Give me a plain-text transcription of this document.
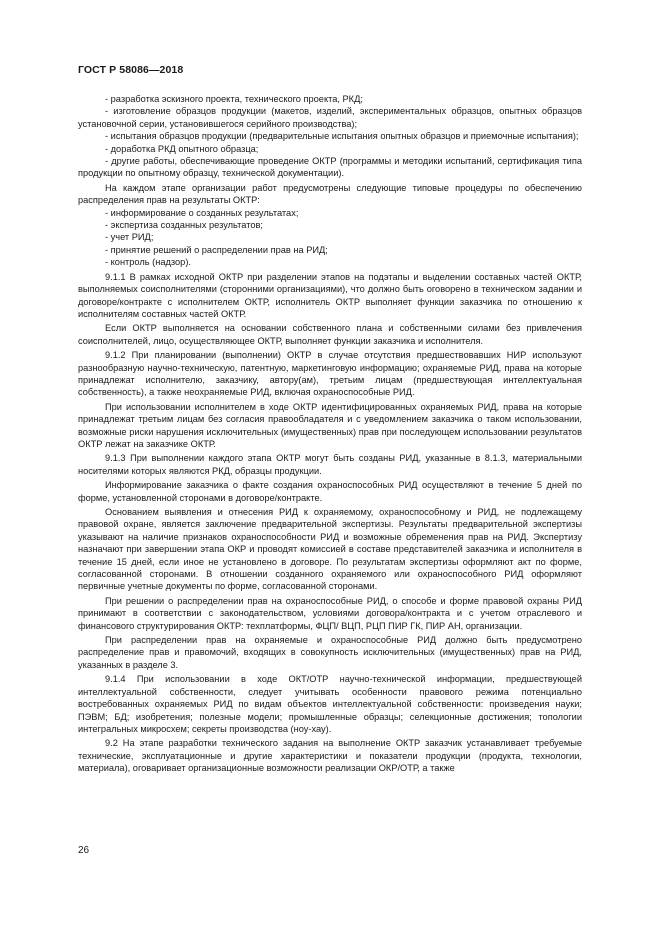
ГОСТ Р 58086—2018

- разработка эскизного проекта, технического проекта, РКД;

- изготовление образцов продукции (макетов, изделий, экспериментальных образцов, опытных образцов установочной серии, установившегося серийного производства);

- испытания образцов продукции (предварительные испытания опытных образцов и приемочные испытания);

- доработка РКД опытного образца;

- другие работы, обеспечивающие проведение ОКТР (программы и методики испытаний, сертификация типа продукции по опытному образцу, технической документации).

На каждом этапе организации работ предусмотрены следующие типовые процедуры по обеспечению распределения прав на результаты ОКТР:

- информирование о созданных результатах;

- экспертиза созданных результатов;

- учет РИД;

- принятие решений о распределении прав на РИД;

- контроль (надзор).

9.1.1 В рамках исходной ОКТР при разделении этапов на подэтапы и выделении составных частей ОКТР, выполняемых соисполнителями (сторонними организациями), что должно быть оговорено в техническом задании и договоре/контракте с исполнителем ОКТР, исполнитель ОКТР выполняет функции заказчика по отношению к исполнителям составных частей ОКТР.

Если ОКТР выполняется на основании собственного плана и собственными силами без привлечения соисполнителей, лицо, осуществляющее ОКТР, выполняет функции заказчика и исполнителя.

9.1.2 При планировании (выполнении) ОКТР в случае отсутствия предшествовавших НИР используют разнообразную научно-техническую, патентную, маркетинговую информацию; охраняемые РИД, права на которые принадлежат исполнителю, заказчику, автору(ам), третьим лицам (предшествующая интеллектуальная собственность), а также неохраняемые РИД, включая охраноспособные РИД.

При использовании исполнителем в ходе ОКТР идентифицированных охраняемых РИД, права на которые принадлежат третьим лицам без согласия правообладателя и с уведомлением заказчика о таком использовании, возможные риски нарушения исключительных (имущественных) прав при последующем использовании результатов ОКТР лежат на заказчике ОКТР.

9.1.3 При выполнении каждого этапа ОКТР могут быть созданы РИД, указанные в 8.1.3, материальными носителями которых являются РКД, образцы продукции.

Информирование заказчика о факте создания охраноспособных РИД осуществляют в течение 5 дней по форме, установленной сторонами в договоре/контракте.

Основанием выявления и отнесения РИД к охраняемому, охраноспособному и РИД, не подлежащему правовой охране, является заключение предварительной экспертизы. Результаты предварительной экспертизы указывают на наличие признаков охраноспособности РИД и возможные обременения прав на РИД. Экспертизу назначают при завершении этапа ОКР и проводят комиссией в составе представителей заказчика и исполнителя в течение 15 дней, если иное не установлено в договоре. По результатам экспертизы оформляют акт по форме, согласованной сторонами. В отношении созданного охраняемого или охраноспособного РИД оформляют первичные учетные документы по форме, согласованной сторонами.

При решении о распределении прав на охраноспособные РИД, о способе и форме правовой охраны РИД принимают в соответствии с законодательством, условиями договора/контракта и с учетом отраслевого и финансового структурирования ОКТР: техплатформы, ФЦП/ ВЦП, РЦП ПИР ГК, ПИР АН, организации.

При распределении прав на охраняемые и охраноспособные РИД должно быть предусмотрено распределение прав и правомочий, входящих в совокупность исключительных (имущественных) прав на РИД, указанных в разделе 3.

9.1.4 При использовании в ходе ОКТ/ОТР научно-технической информации, предшествующей интеллектуальной собственности, следует учитывать особенности правового режима потенциально востребованных охраняемых РИД по видам объектов интеллектуальной собственности: произведения науки; ПЭВМ; БД; изобретения; полезные модели; промышленные образцы; селекционные достижения; топологии интегральных микросхем; секреты производства (ноу-хау).

9.2 На этапе разработки технического задания на выполнение ОКТР заказчик устанавливает требуемые технические, эксплуатационные и другие характеристики и показатели продукции (продукта, технологии, материала), оговаривает организационные возможности реализации ОКР/ОТР, а также

26
